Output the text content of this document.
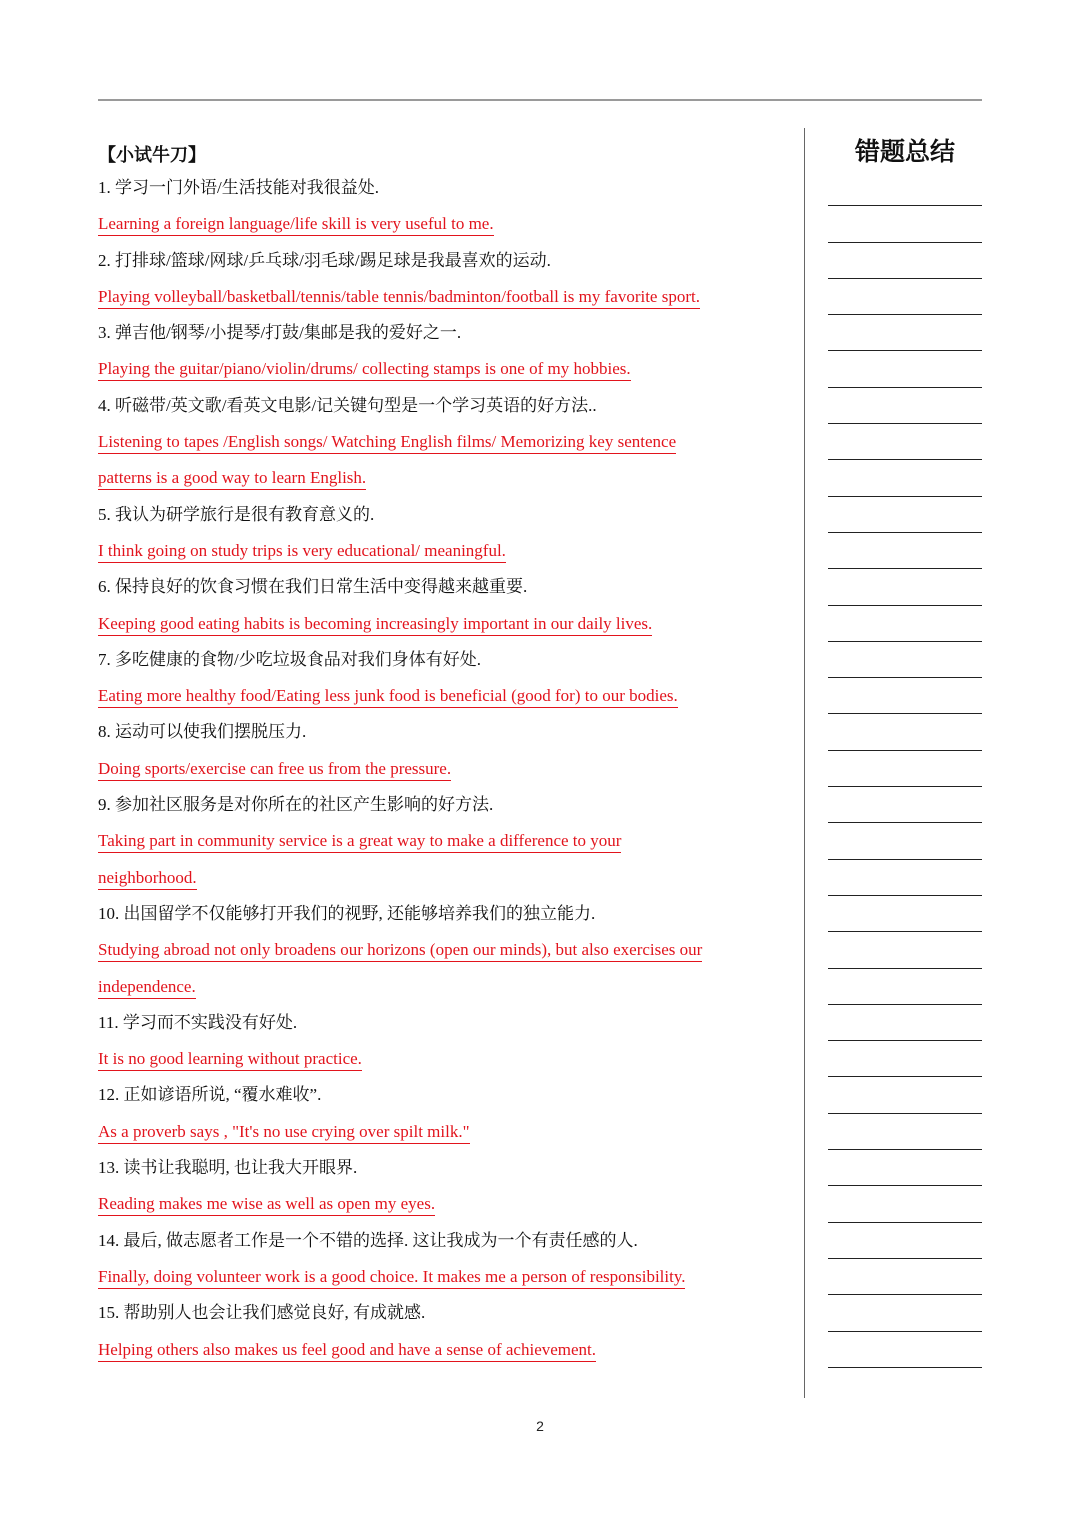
【小试牛刀】
1. 学习一门外语/生活技能对我很益处.
Learning a foreign language/life skill is very useful to me.
2. 打排球/篮球/网球/乒乓球/羽毛球/踢足球是我最喜欢的运动.
Playing volleyball/basketball/tennis/table tennis/badminton/football is my favorite sport.
3. 弹吉他/钢琴/小提琴/打鼓/集邮是我的爱好之一.
Playing the guitar/piano/violin/drums/ collecting stamps is one of my hobbies.
4. 听磁带/英文歌/看英文电影/记关键句型是一个学习英语的好方法..
Listening to tapes /English songs/ Watching English films/ Memorizing key sentence
patterns is a good way to learn English.
5. 我认为研学旅行是很有教育意义的.
I think going on study trips is very educational/ meaningful.
6. 保持良好的饮食习惯在我们日常生活中变得越来越重要.
Keeping good eating habits is becoming increasingly important in our daily lives.
7. 多吃健康的食物/少吃垃圾食品对我们身体有好处.
Eating more healthy food/Eating less junk food is beneficial (good for) to our bodies.
8. 运动可以使我们摆脱压力.
Doing sports/exercise can free us from the pressure.
9. 参加社区服务是对你所在的社区产生影响的好方法.
Taking part in community service is a great way to make a difference to your
neighborhood.
10. 出国留学不仅能够打开我们的视野, 还能够培养我们的独立能力.
Studying abroad not only broadens our horizons (open our minds), but also exercises our
independence.
11. 学习而不实践没有好处.
It is no good learning without practice.
12. 正如谚语所说, “覆水难收”.
As a proverb says , "It's no use crying over spilt milk."
13. 读书让我聪明, 也让我大开眼界.
Reading makes me wise as well as open my eyes.
14. 最后, 做志愿者工作是一个不错的选择. 这让我成为一个有责任感的人.
Finally, doing volunteer work is a good choice. It makes me a person of responsibility.
15. 帮助别人也会让我们感觉良好, 有成就感.
Helping others also makes us feel good and have a sense of achievement.
错题总结
2
